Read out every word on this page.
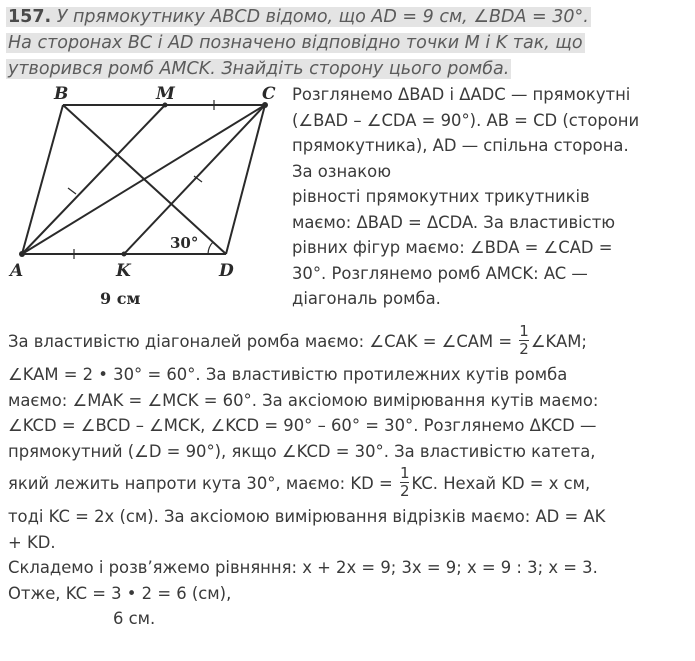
157. У прямокутнику ABCD відомо, що AD = 9 см, ∠BDA = 30°.
На сторонах BC і AD позначено відповідно точки M і K так, що
утворився ромб AMCK. Знайдіть сторону цього ромба.
B	M	C
A	K	D
30°
9 см
Розглянемо ΔBAD і ΔADC — прямокутні
(∠BAD – ∠CDA = 90°). AB = CD (сторони
прямокутника), AD — спільна сторона.
За ознакою
рівності прямокутних трикутників
маємо: ΔBAD = ΔCDA. За властивістю
рівних фігур маємо: ∠BDA = ∠CAD =
30°. Розглянемо ромб AMCK: AC —
діагональ ромба.
За властивістю діагоналей ромба маємо: ∠CAK = ∠CAM = $\frac{1}{2}$ ∠KAM;
∠KAM = 2 • 30° = 60°. За властивістю протилежних кутів ромба
маємо: ∠MAK = ∠MCK = 60°. За аксіомою вимірювання кутів маємо:
∠KCD = ∠BCD – ∠MCK, ∠KCD = 90° – 60° = 30°. Розглянемо ΔKCD —
прямокутний (∠D = 90°), якщо ∠KCD = 30°. За властивістю катета,
який лежить напроти кута 30°, маємо: KD = $\frac{1}{2}$ KC. Нехай KD = x см,
тоді KC = 2x (см). За аксіомою вимірювання відрізків маємо: AD = AK
+ KD.
Складемо і розв’яжемо рівняння: x + 2x = 9; 3x = 9; x = 9 : 3; x = 3.
Отже, KC = 3 • 2 = 6 (см),
6 см.
